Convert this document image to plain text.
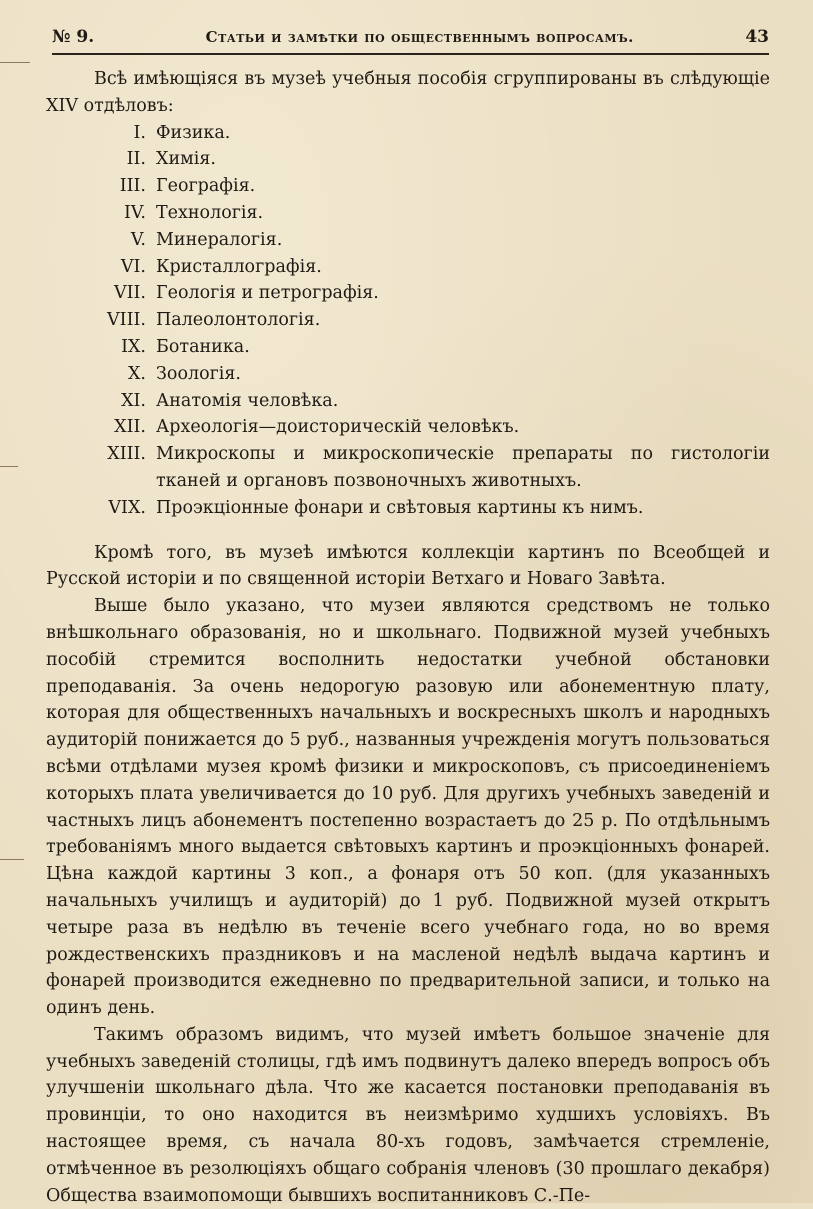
№ 9.	Статьи и замѣтки по общественнымъ вопросамъ.	43

Всѣ имѣющіяся въ музеѣ учебныя пособія сгруппированы въ слѣдующіе XIV отдѣловъ:

I. Физика.
II. Химія.
III. Географія.
IV. Технологія.
V. Минералогія.
VI. Кристаллографія.
VII. Геологія и петрографія.
VIII. Палеолонтологія.
IX. Ботаника.
X. Зоологія.
XI. Анатомія человѣка.
XII. Археологія—доисторическій человѣкъ.
XIII. Микроскопы и микроскопическіе препараты по гистологіи тканей и органовъ позвоночныхъ животныхъ.
VIX. Проэкціонные фонари и свѣтовыя картины къ нимъ.

Кромѣ того, въ музеѣ имѣются коллекціи картинъ по Всеобщей и Русской исторіи и по священной исторіи Ветхаго и Новаго Завѣта.

Выше было указано, что музеи являются средствомъ не только внѣшкольнаго образованія, но и школьнаго. Подвижной музей учебныхъ пособій стремится восполнить недостатки учебной обстановки преподаванія. За очень недорогую разовую или абонементную плату, которая для общественныхъ начальныхъ и воскресныхъ школъ и народныхъ аудиторій понижается до 5 руб., названныя учрежденія могутъ пользоваться всѣми отдѣлами музея кромѣ физики и микроскоповъ, съ присоединеніемъ которыхъ плата увеличивается до 10 руб. Для другихъ учебныхъ заведеній и частныхъ лицъ абонементъ постепенно возрастаетъ до 25 р. По отдѣльнымъ требованіямъ много выдается свѣтовыхъ картинъ и проэкціонныхъ фонарей. Цѣна каждой картины 3 коп., а фонаря отъ 50 коп. (для указанныхъ начальныхъ училищъ и аудиторій) до 1 руб. Подвижной музей открытъ четыре раза въ недѣлю въ теченіе всего учебнаго года, но во время рождественскихъ праздниковъ и на масленой недѣлѣ выдача картинъ и фонарей производится ежедневно по предварительной записи, и только на одинъ день.

Такимъ образомъ видимъ, что музей имѣетъ большое значеніе для учебныхъ заведеній столицы, гдѣ имъ подвинутъ далеко впередъ вопросъ объ улучшеніи школьнаго дѣла. Что же касается постановки преподаванія въ провинціи, то оно находится въ неизмѣримо худшихъ условіяхъ. Въ настоящее время, съ начала 80-хъ годовъ, замѣчается стремленіе, отмѣченное въ резолюціяхъ общаго собранія членовъ (30 прошлаго декабря) Общества взаимопомощи бывшихъ воспитанниковъ С.-Пе-
